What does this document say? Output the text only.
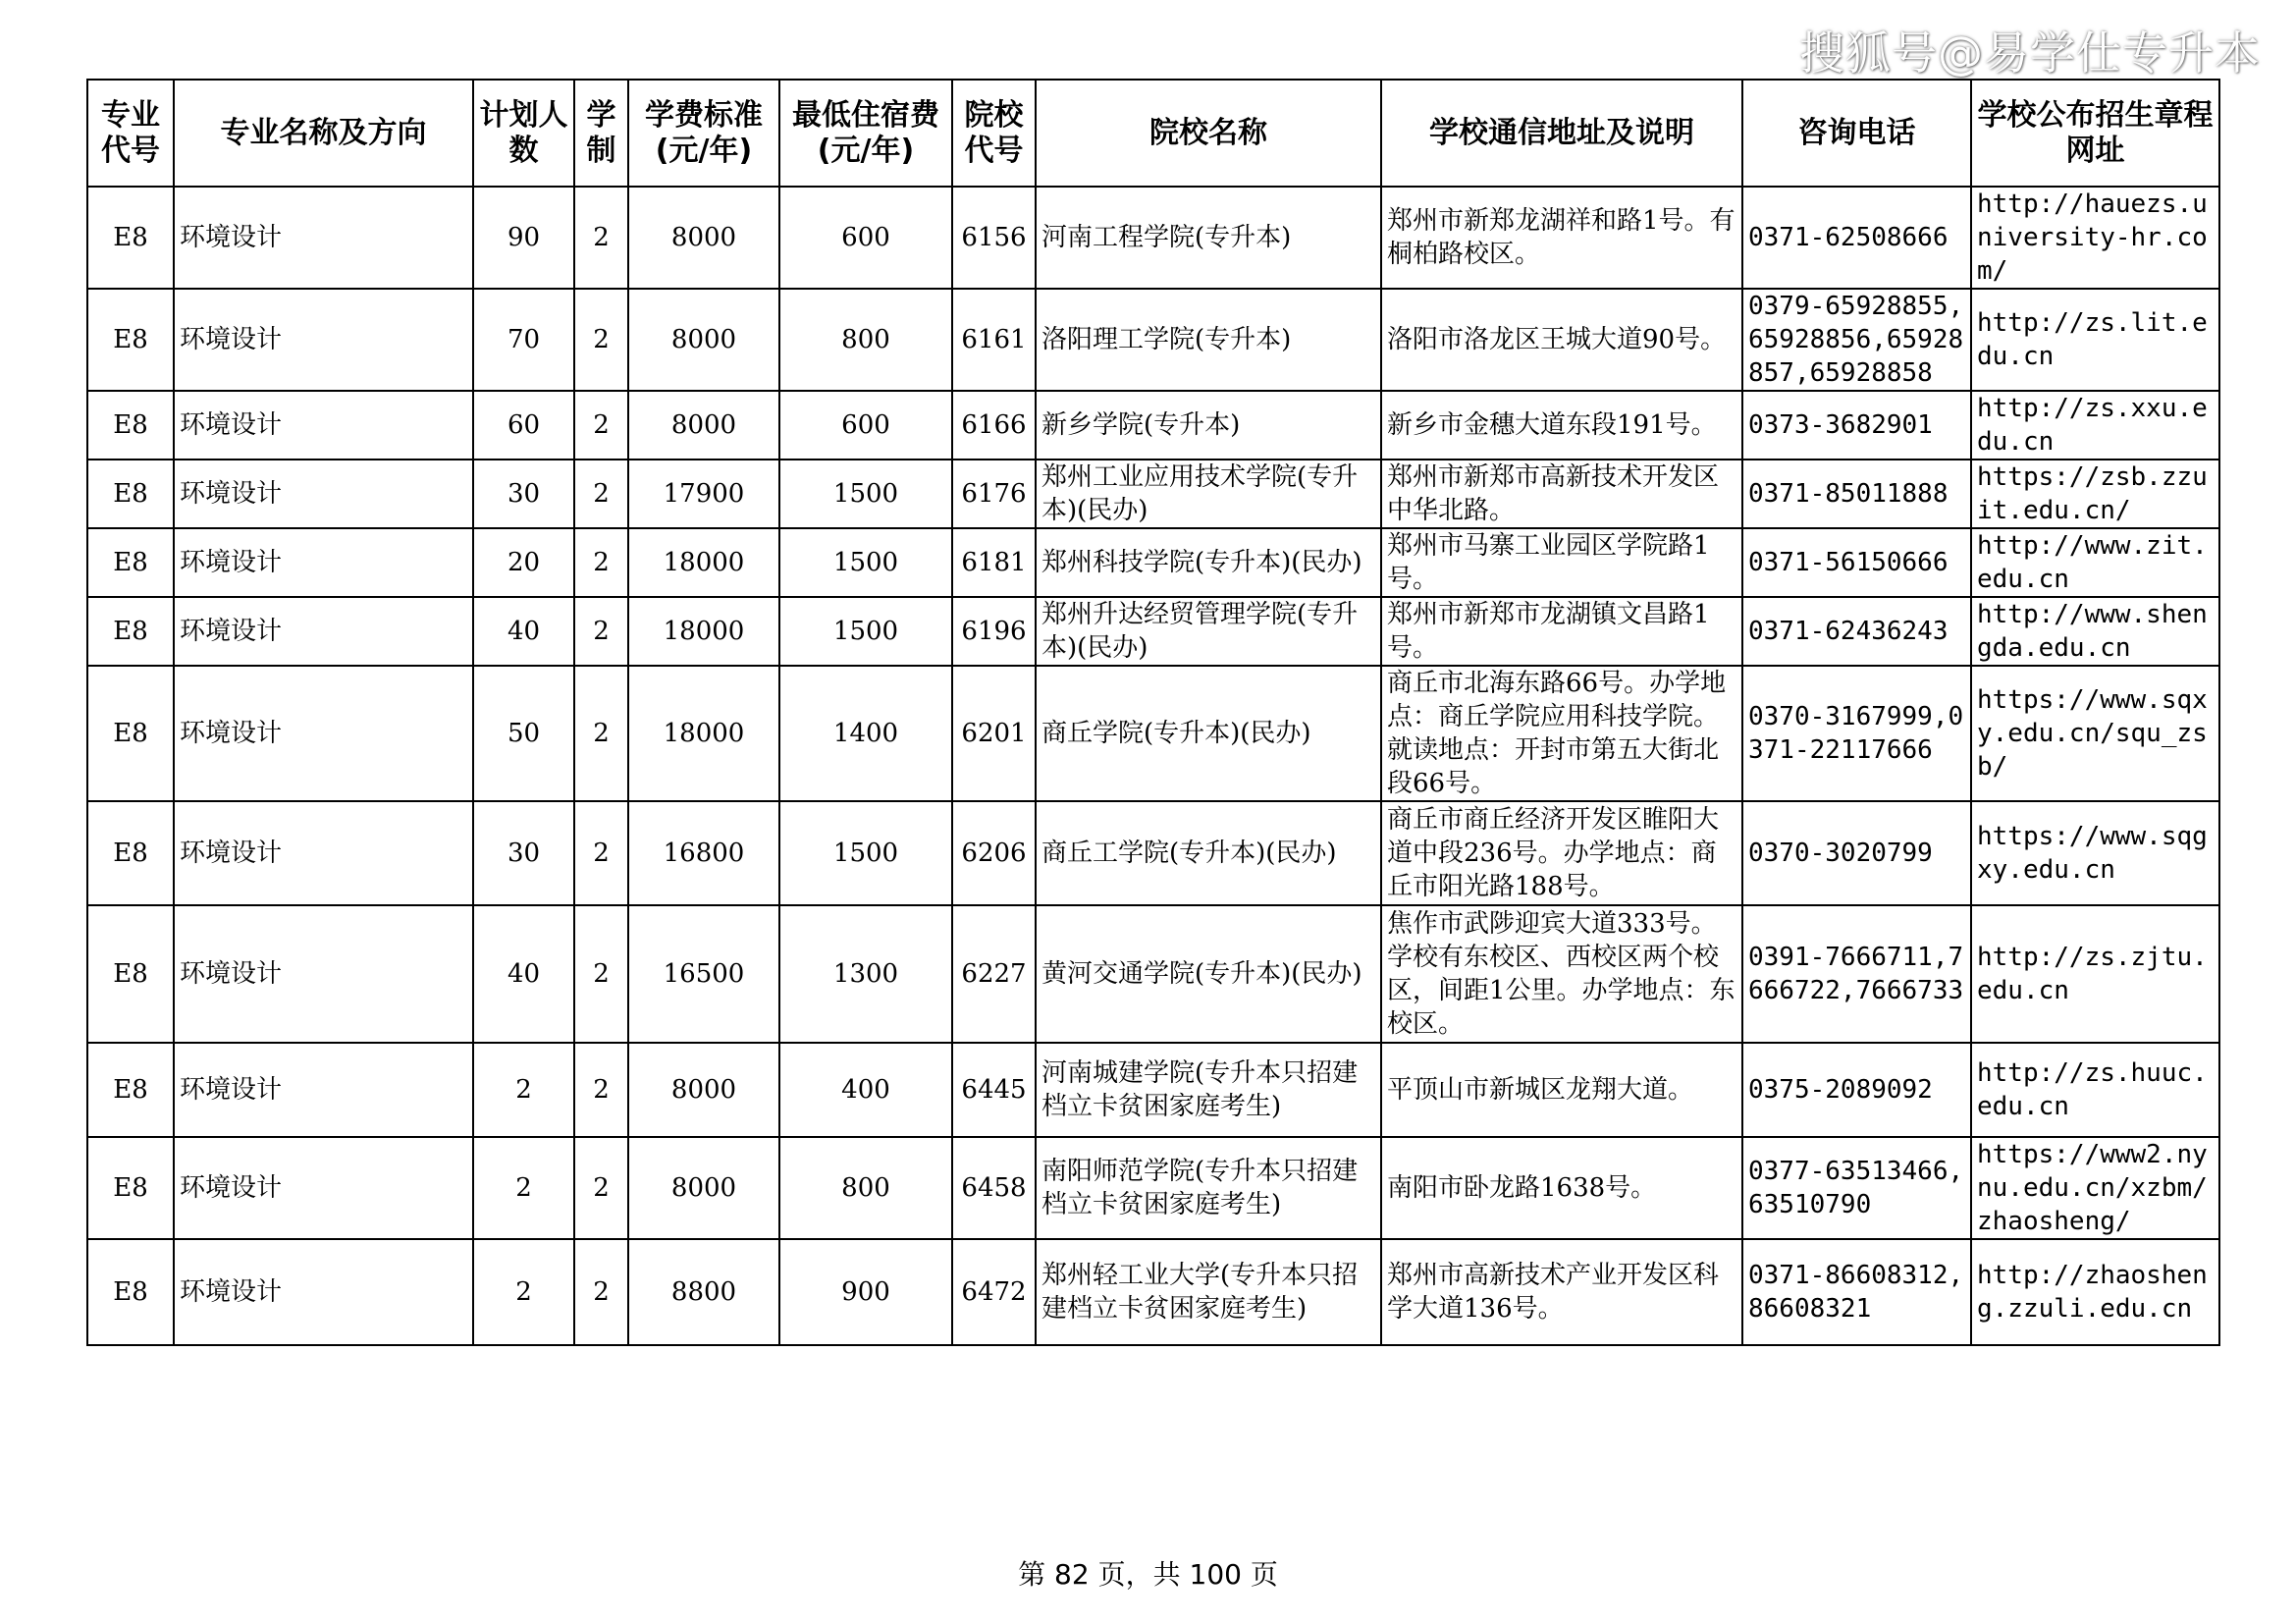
搜狐号@易学仕专升本
专业代号	专业名称及方向	计划人数	学制	学费标准(元/年)	最低住宿费(元/年)	院校代号	院校名称	学校通信地址及说明	咨询电话	学校公布招生章程网址
E8	环境设计	90	2	8000	600	6156	河南工程学院(专升本)	郑州市新郑龙湖祥和路1号。有桐柏路校区。	0371-62508666	http://hauezs.university-hr.com/
E8	环境设计	70	2	8000	800	6161	洛阳理工学院(专升本)	洛阳市洛龙区王城大道90号。	0379-65928855,65928856,65928857,65928858	http://zs.lit.edu.cn
E8	环境设计	60	2	8000	600	6166	新乡学院(专升本)	新乡市金穗大道东段191号。	0373-3682901	http://zs.xxu.edu.cn
E8	环境设计	30	2	17900	1500	6176	郑州工业应用技术学院(专升本)(民办)	郑州市新郑市高新技术开发区中华北路。	0371-85011888	https://zsb.zzuit.edu.cn/
E8	环境设计	20	2	18000	1500	6181	郑州科技学院(专升本)(民办)	郑州市马寨工业园区学院路1号。	0371-56150666	http://www.zit.edu.cn
E8	环境设计	40	2	18000	1500	6196	郑州升达经贸管理学院(专升本)(民办)	郑州市新郑市龙湖镇文昌路1号。	0371-62436243	http://www.shengda.edu.cn
E8	环境设计	50	2	18000	1400	6201	商丘学院(专升本)(民办)	商丘市北海东路66号。办学地点：商丘学院应用科技学院。就读地点：开封市第五大街北段66号。	0370-3167999,0371-22117666	https://www.sqxy.edu.cn/squ_zsb/
E8	环境设计	30	2	16800	1500	6206	商丘工学院(专升本)(民办)	商丘市商丘经济开发区睢阳大道中段236号。办学地点：商丘市阳光路188号。	0370-3020799	https://www.sqgxy.edu.cn
E8	环境设计	40	2	16500	1300	6227	黄河交通学院(专升本)(民办)	焦作市武陟迎宾大道333号。学校有东校区、西校区两个校区，间距1公里。办学地点：东校区。	0391-7666711,7666722,7666733	http://zs.zjtu.edu.cn
E8	环境设计	2	2	8000	400	6445	河南城建学院(专升本只招建档立卡贫困家庭考生)	平顶山市新城区龙翔大道。	0375-2089092	http://zs.huuc.edu.cn
E8	环境设计	2	2	8000	800	6458	南阳师范学院(专升本只招建档立卡贫困家庭考生)	南阳市卧龙路1638号。	0377-63513466,63510790	https://www2.nynu.edu.cn/xzbm/zhaosheng/
E8	环境设计	2	2	8800	900	6472	郑州轻工业大学(专升本只招建档立卡贫困家庭考生)	郑州市高新技术产业开发区科学大道136号。	0371-86608312,86608321	http://zhaosheng.zzuli.edu.cn
第 82 页，共 100 页
